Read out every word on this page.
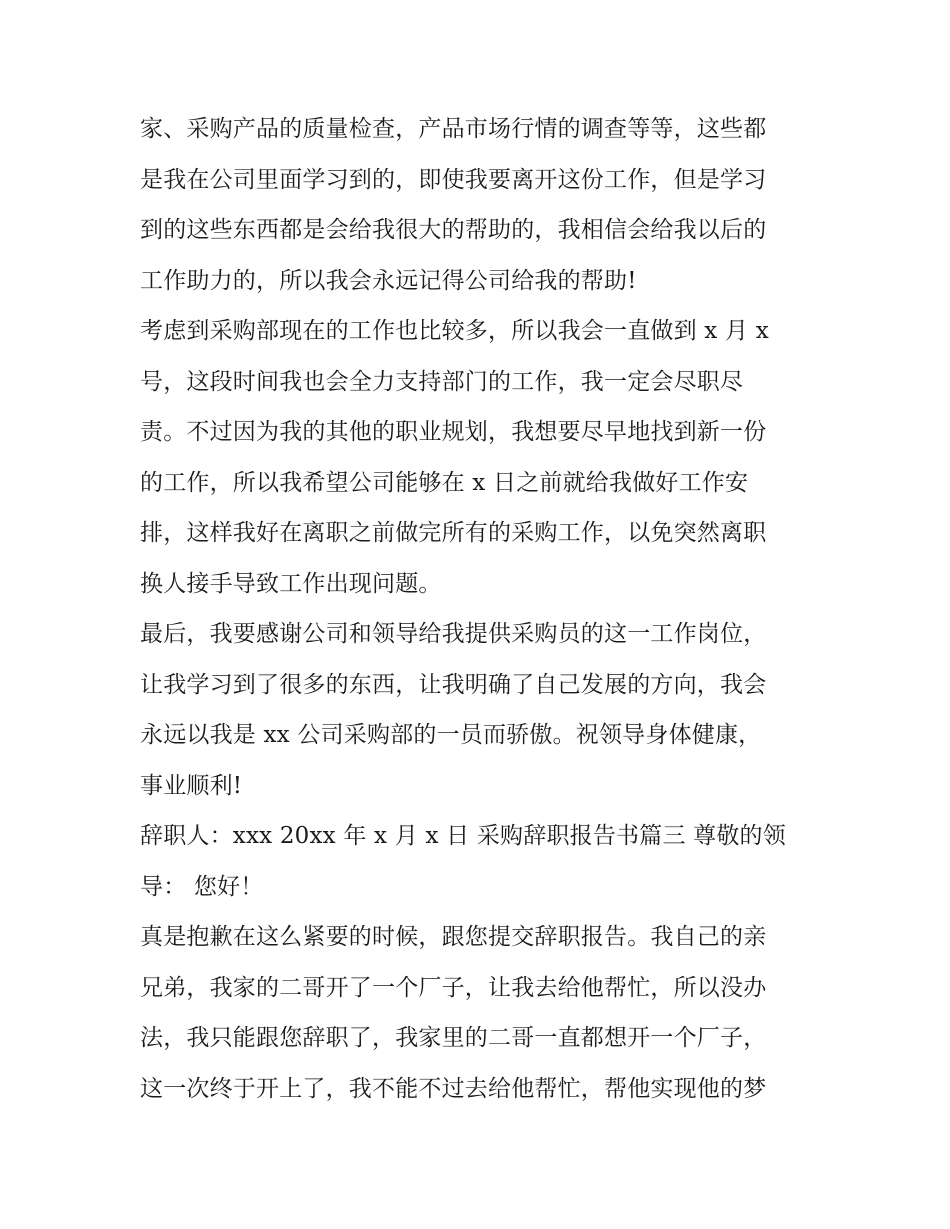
家、采购产品的质量检查，产品市场行情的调查等等，这些都
是我在公司里面学习到的，即使我要离开这份工作，但是学习
到的这些东西都是会给我很大的帮助的，我相信会给我以后的
工作助力的，所以我会永远记得公司给我的帮助!
考虑到采购部现在的工作也比较多，所以我会一直做到 x 月 x
号，这段时间我也会全力支持部门的工作，我一定会尽职尽
责。不过因为我的其他的职业规划，我想要尽早地找到新一份
的工作，所以我希望公司能够在 x 日之前就给我做好工作安
排，这样我好在离职之前做完所有的采购工作，以免突然离职
换人接手导致工作出现问题。
最后，我要感谢公司和领导给我提供采购员的这一工作岗位，
让我学习到了很多的东西，让我明确了自己发展的方向，我会
永远以我是 xx 公司采购部的一员而骄傲。祝领导身体健康，
事业顺利!
辞职人：xxx 20xx 年 x 月 x 日 采购辞职报告书篇三 尊敬的领
导： 您好！
真是抱歉在这么紧要的时候，跟您提交辞职报告。我自己的亲
兄弟，我家的二哥开了一个厂子，让我去给他帮忙，所以没办
法，我只能跟您辞职了，我家里的二哥一直都想开一个厂子，
这一次终于开上了，我不能不过去给他帮忙，帮他实现他的梦
